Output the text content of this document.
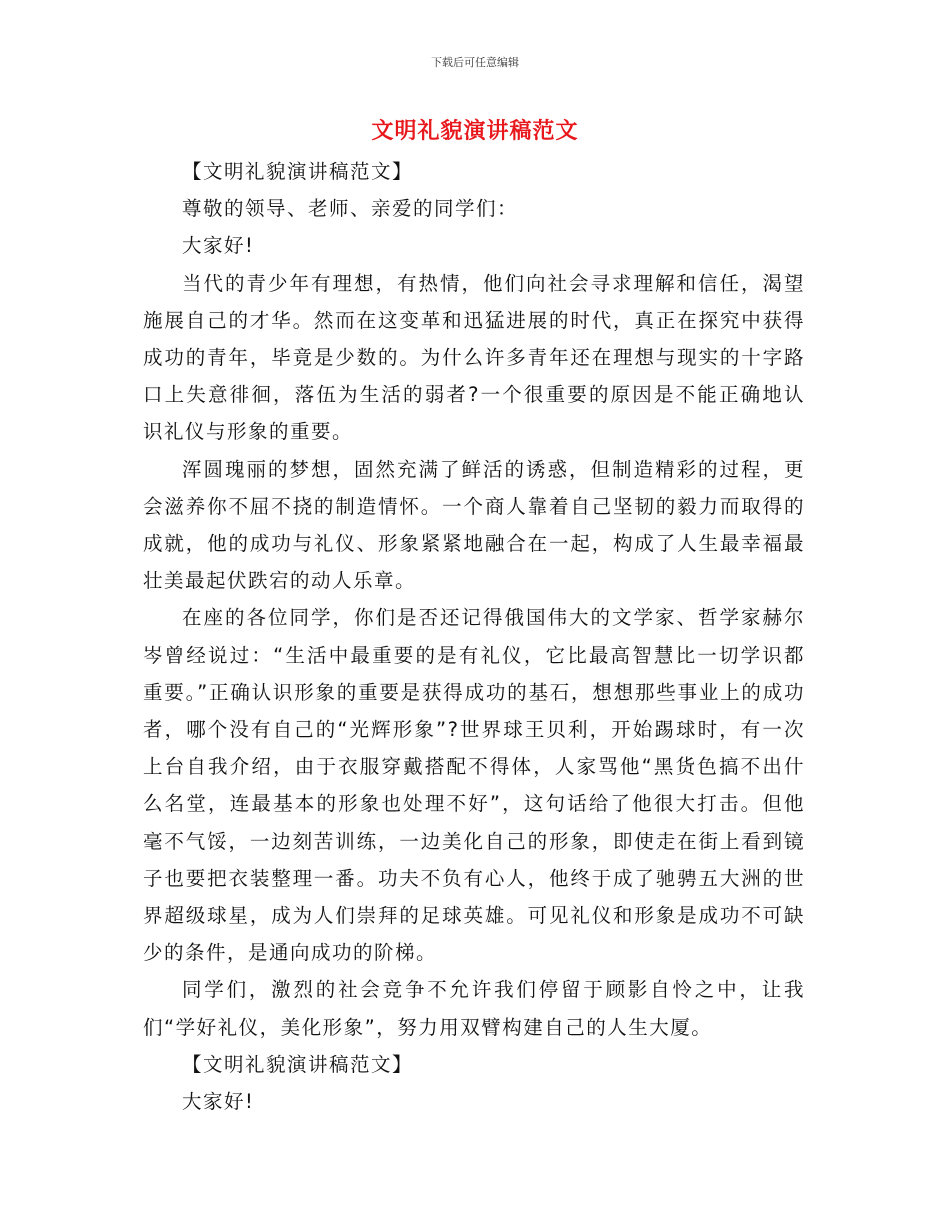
下载后可任意编辑
文明礼貌演讲稿范文

【文明礼貌演讲稿范文】

尊敬的领导、老师、亲爱的同学们：

大家好!

当代的青少年有理想，有热情，他们向社会寻求理解和信任，渴望施展自己的才华。然而在这变革和迅猛进展的时代，真正在探究中获得成功的青年，毕竟是少数的。为什么许多青年还在理想与现实的十字路口上失意徘徊，落伍为生活的弱者?一个很重要的原因是不能正确地认识礼仪与形象的重要。

浑圆瑰丽的梦想，固然充满了鲜活的诱惑，但制造精彩的过程，更会滋养你不屈不挠的制造情怀。一个商人靠着自己坚韧的毅力而取得的成就，他的成功与礼仪、形象紧紧地融合在一起，构成了人生最幸福最壮美最起伏跌宕的动人乐章。

在座的各位同学，你们是否还记得俄国伟大的文学家、哲学家赫尔岑曾经说过：“生活中最重要的是有礼仪，它比最高智慧比一切学识都重要。”正确认识形象的重要是获得成功的基石，想想那些事业上的成功者，哪个没有自己的“光辉形象”?世界球王贝利，开始踢球时，有一次上台自我介绍，由于衣服穿戴搭配不得体，人家骂他“黑货色搞不出什么名堂，连最基本的形象也处理不好”，这句话给了他很大打击。但他毫不气馁，一边刻苦训练，一边美化自己的形象，即使走在街上看到镜子也要把衣装整理一番。功夫不负有心人，他终于成了驰骋五大洲的世界超级球星，成为人们崇拜的足球英雄。可见礼仪和形象是成功不可缺少的条件，是通向成功的阶梯。

同学们，激烈的社会竞争不允许我们停留于顾影自怜之中，让我们“学好礼仪，美化形象”，努力用双臂构建自己的人生大厦。

【文明礼貌演讲稿范文】

大家好!
